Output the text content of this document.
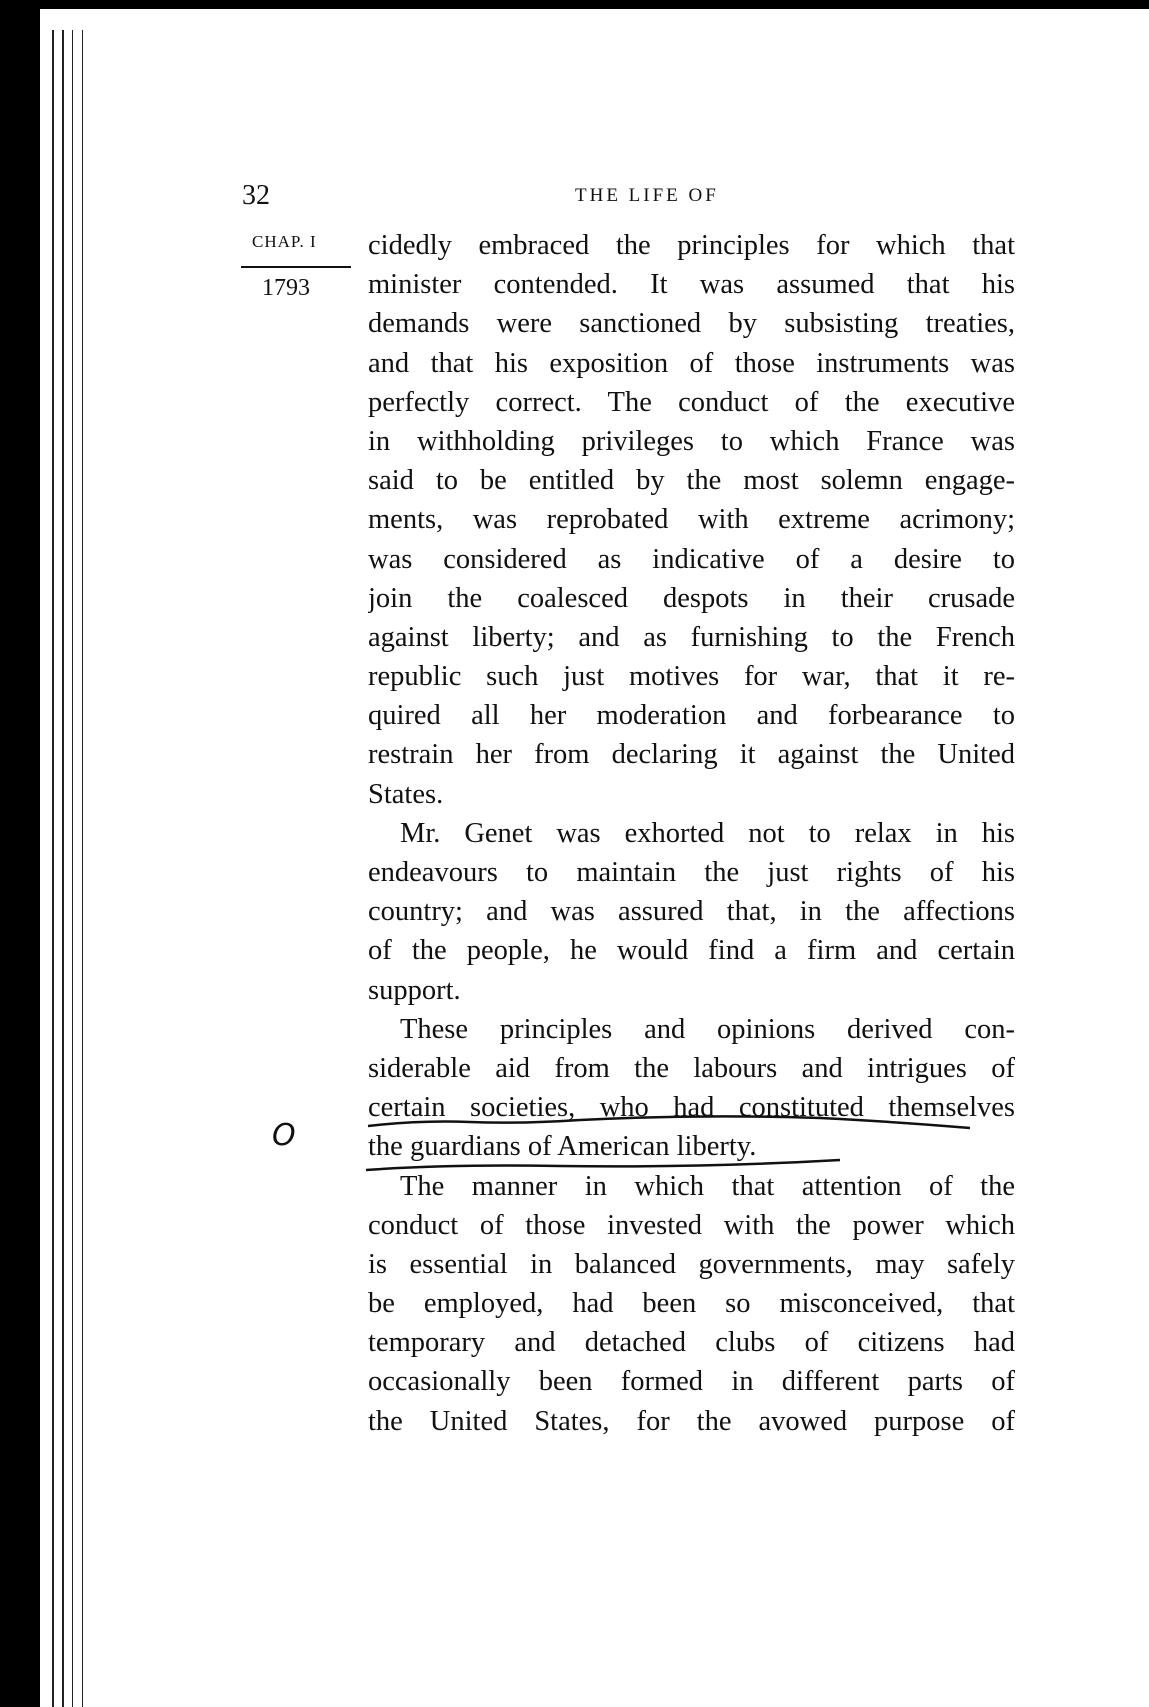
32	THE LIFE OF
CHAP. I
1793
O
cidedly embraced the principles for which that
minister contended. It was assumed that his
demands were sanctioned by subsisting treaties,
and that his exposition of those instruments was
perfectly correct. The conduct of the executive
in withholding privileges to which France was
said to be entitled by the most solemn engage-
ments, was reprobated with extreme acrimony;
was considered as indicative of a desire to
join the coalesced despots in their crusade
against liberty; and as furnishing to the French
republic such just motives for war, that it re-
quired all her moderation and forbearance to
restrain her from declaring it against the United
States.
Mr. Genet was exhorted not to relax in his
endeavours to maintain the just rights of his
country; and was assured that, in the affections
of the people, he would find a firm and certain
support.
These principles and opinions derived con-
siderable aid from the labours and intrigues of
certain societies, who had constituted themselves
the guardians of American liberty.
The manner in which that attention of the
conduct of those invested with the power which
is essential in balanced governments, may safely
be employed, had been so misconceived, that
temporary and detached clubs of citizens had
occasionally been formed in different parts of
the United States, for the avowed purpose of
